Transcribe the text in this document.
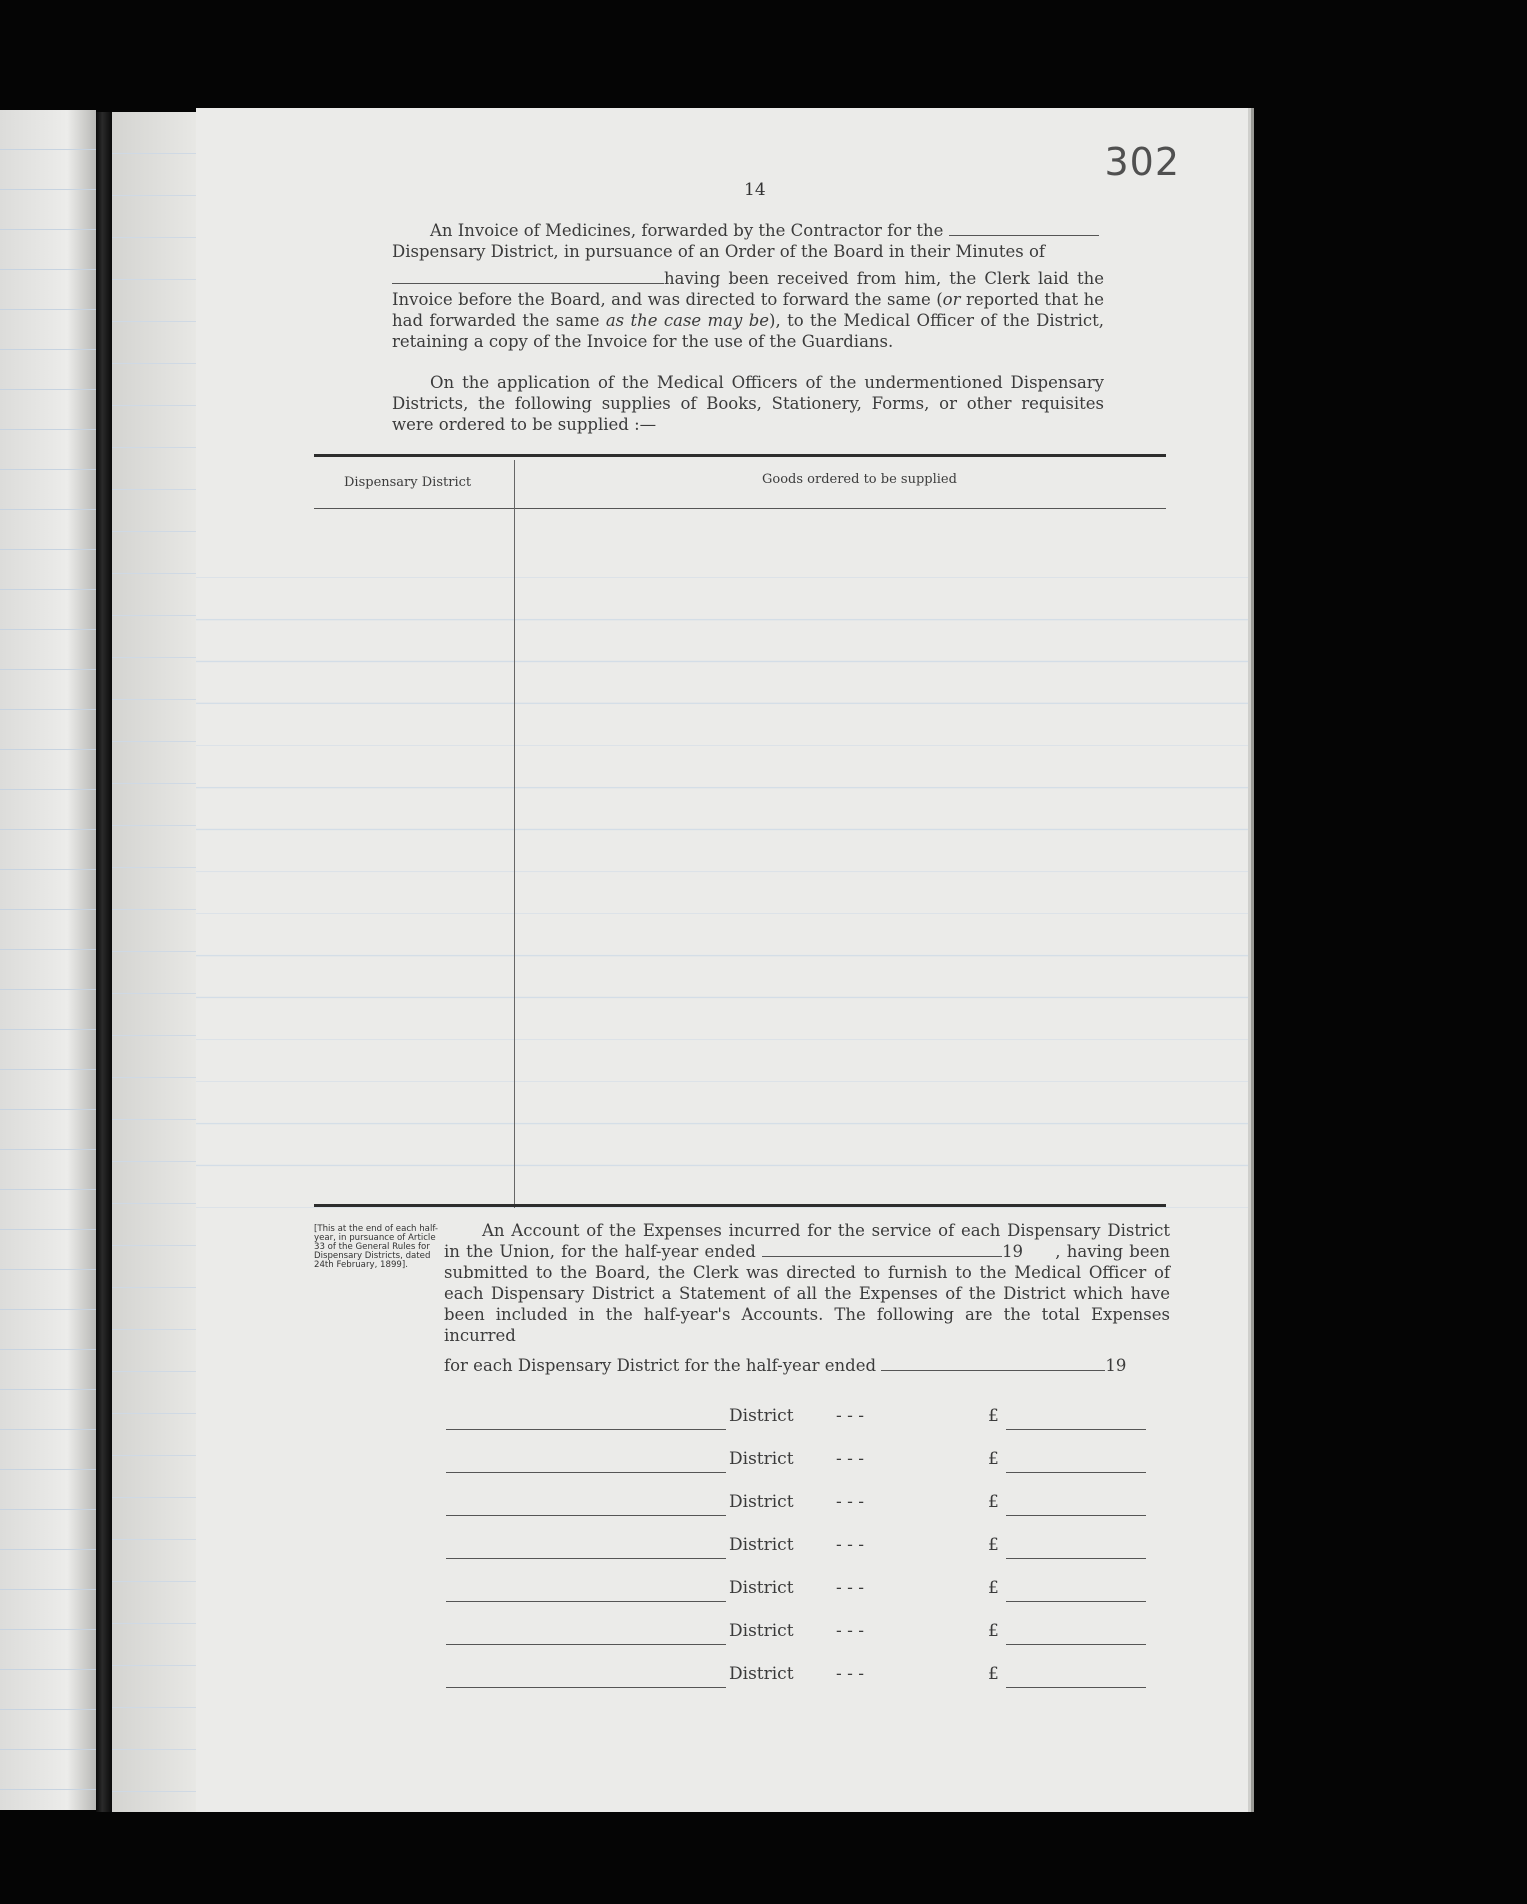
302
14
An Invoice of Medicines, forwarded by the Contractor for the
Dispensary District, in pursuance of an Order of the Board in their Minutes of
having been received from him, the Clerk laid the Invoice before the Board, and was directed to forward the same (or reported that he had forwarded the same as the case may be), to the Medical Officer of the District, retaining a copy of the Invoice for the use of the Guardians.
On the application of the Medical Officers of the undermentioned Dispensary Districts, the following supplies of Books, Stationery, Forms, or other requisites were ordered to be supplied :—
Dispensary District	Goods ordered to be supplied
[This at the end of each half-year, in pursuance of Article 33 of the General Rules for Dispensary Districts, dated 24th February, 1899].
An Account of the Expenses incurred for the service of each Dispensary District in the Union, for the half-year ended	19 , having been submitted to the Board, the Clerk was directed to furnish to the Medical Officer of each Dispensary District a Statement of all the Expenses of the District which have been included in the half-year's Accounts. The following are the total Expenses incurred
for each Dispensary District for the half-year ended	19
District - - -	£
District - - -	£
District - - -	£
District - - -	£
District - - -	£
District - - -	£
District - - -	£
